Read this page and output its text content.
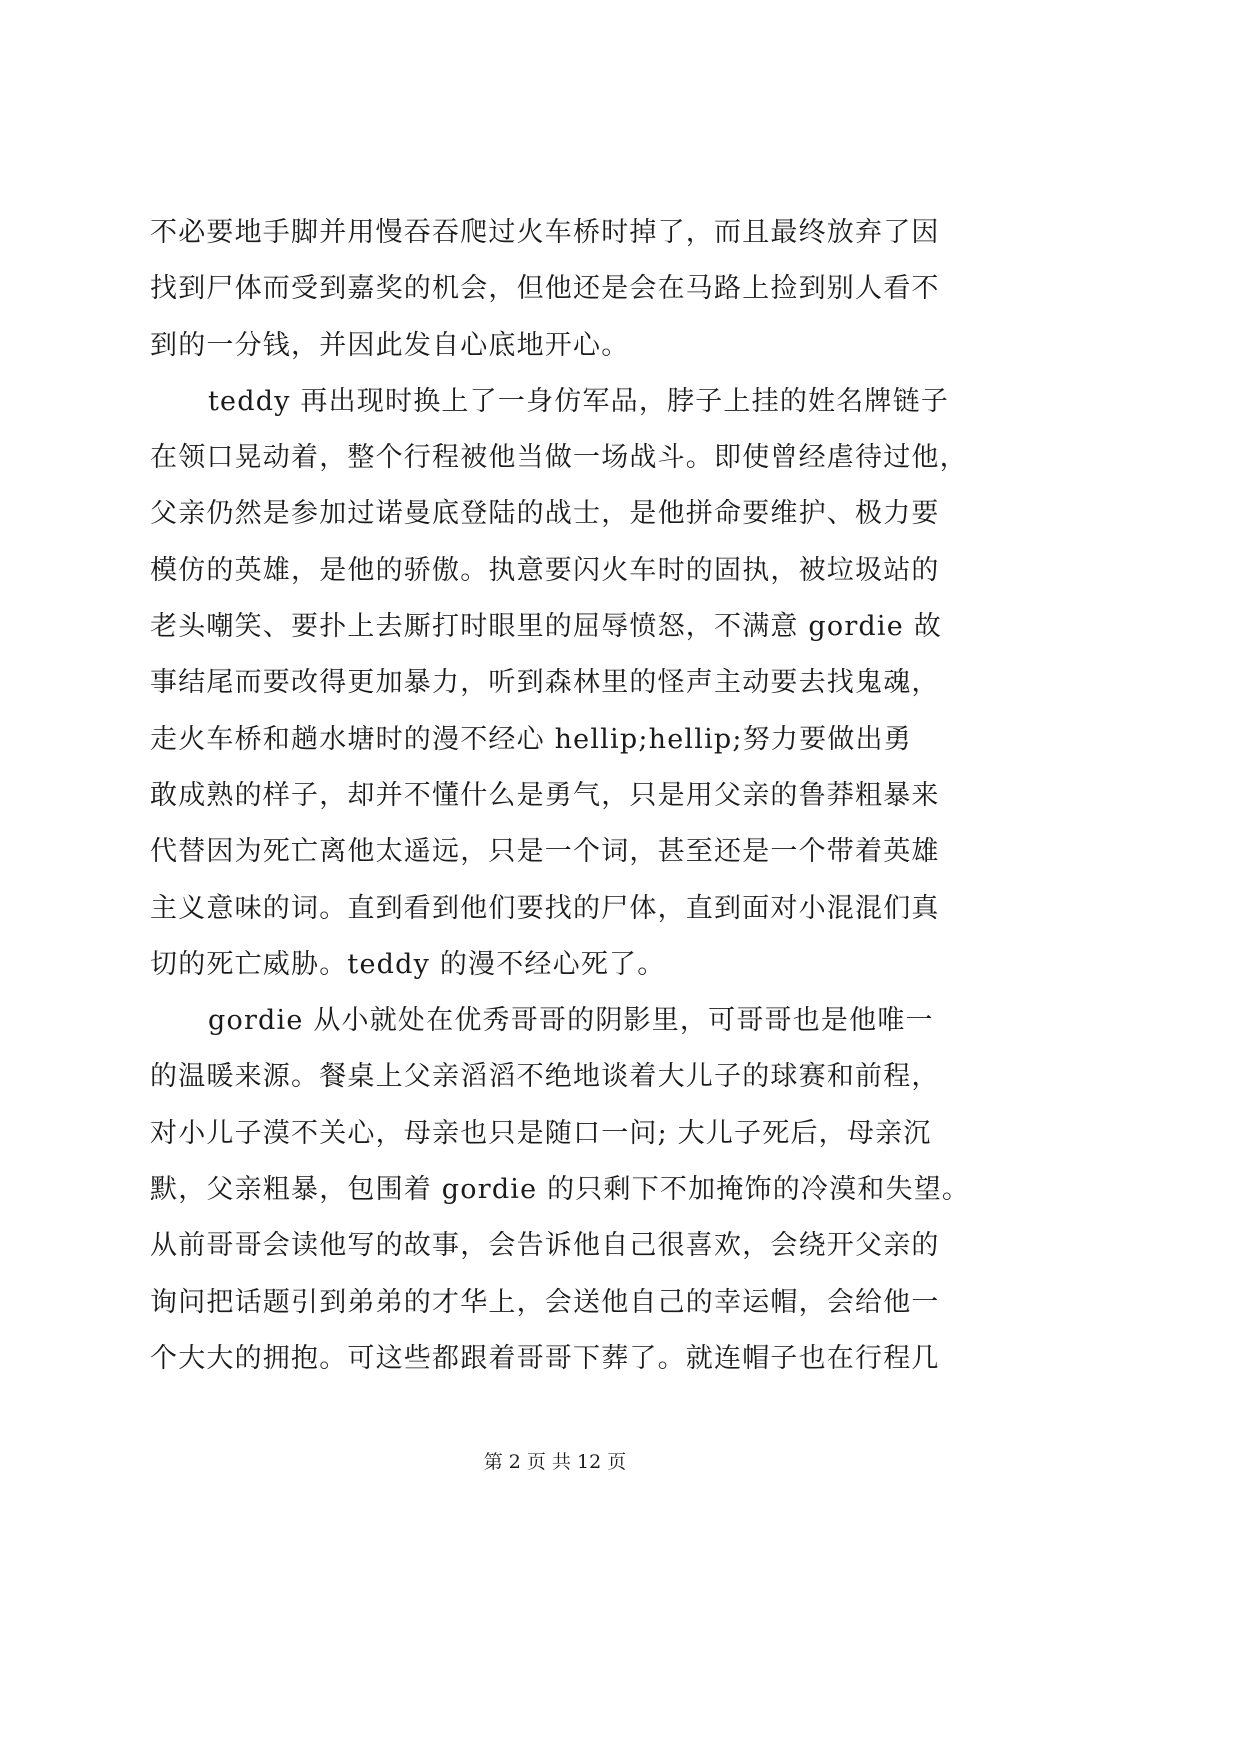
不必要地手脚并用慢吞吞爬过火车桥时掉了，而且最终放弃了因
找到尸体而受到嘉奖的机会，但他还是会在马路上捡到别人看不
到的一分钱，并因此发自心底地开心。
teddy 再出现时换上了一身仿军品，脖子上挂的姓名牌链子
在领口晃动着，整个行程被他当做一场战斗。即使曾经虐待过他，
父亲仍然是参加过诺曼底登陆的战士，是他拼命要维护、极力要
模仿的英雄，是他的骄傲。执意要闪火车时的固执，被垃圾站的
老头嘲笑、要扑上去厮打时眼里的屈辱愤怒，不满意 gordie 故
事结尾而要改得更加暴力，听到森林里的怪声主动要去找鬼魂，
走火车桥和趟水塘时的漫不经心 hellip;hellip;努力要做出勇
敢成熟的样子，却并不懂什么是勇气，只是用父亲的鲁莽粗暴来
代替因为死亡离他太遥远，只是一个词，甚至还是一个带着英雄
主义意味的词。直到看到他们要找的尸体，直到面对小混混们真
切的死亡威胁。teddy 的漫不经心死了。
gordie 从小就处在优秀哥哥的阴影里，可哥哥也是他唯一
的温暖来源。餐桌上父亲滔滔不绝地谈着大儿子的球赛和前程，
对小儿子漠不关心，母亲也只是随口一问; 大儿子死后，母亲沉
默，父亲粗暴，包围着 gordie 的只剩下不加掩饰的冷漠和失望。
从前哥哥会读他写的故事，会告诉他自己很喜欢，会绕开父亲的
询问把话题引到弟弟的才华上，会送他自己的幸运帽，会给他一
个大大的拥抱。可这些都跟着哥哥下葬了。就连帽子也在行程几
第 2 页 共 12 页
